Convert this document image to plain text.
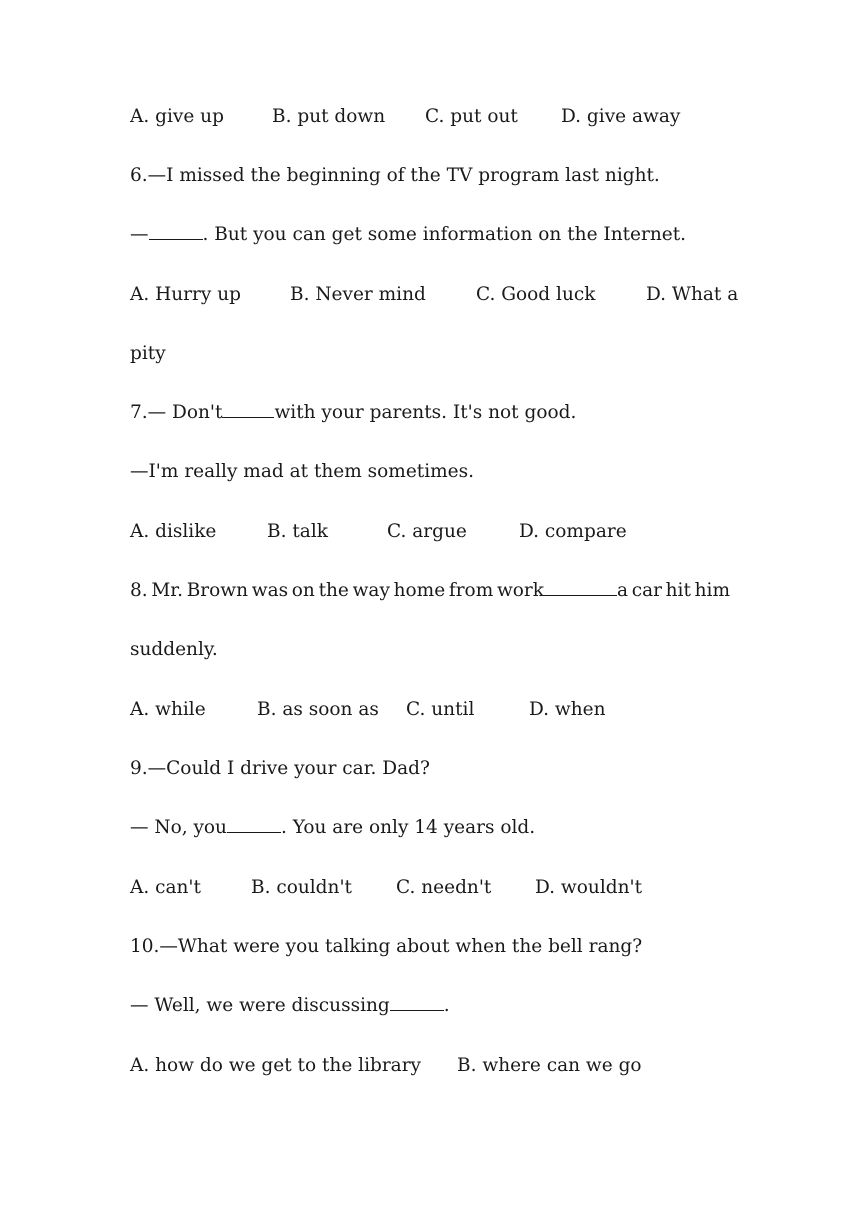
A. give up	B. put down C. put out D. give away
6.—I missed the beginning of the TV program last night.
—	. But you can get some information on the Internet.
A. Hurry up	B. Never mind	C. Good luck	D. What a
pity
7.— Don't	with your parents. It's not good.
—I'm really mad at them sometimes.
A. dislike	B. talk	C. argue	D. compare
8. Mr. Brown was on the way home from work	a car hit him
suddenly.
A. while	B. as soon as C. until	D. when
9.—Could I drive your car. Dad?
— No, you	. You are only 14 years old.
A. can't	B. couldn't C. needn't D. wouldn't
10.—What were you talking about when the bell rang?
— Well, we were discussing	.
A. how do we get to the library B. where can we go
